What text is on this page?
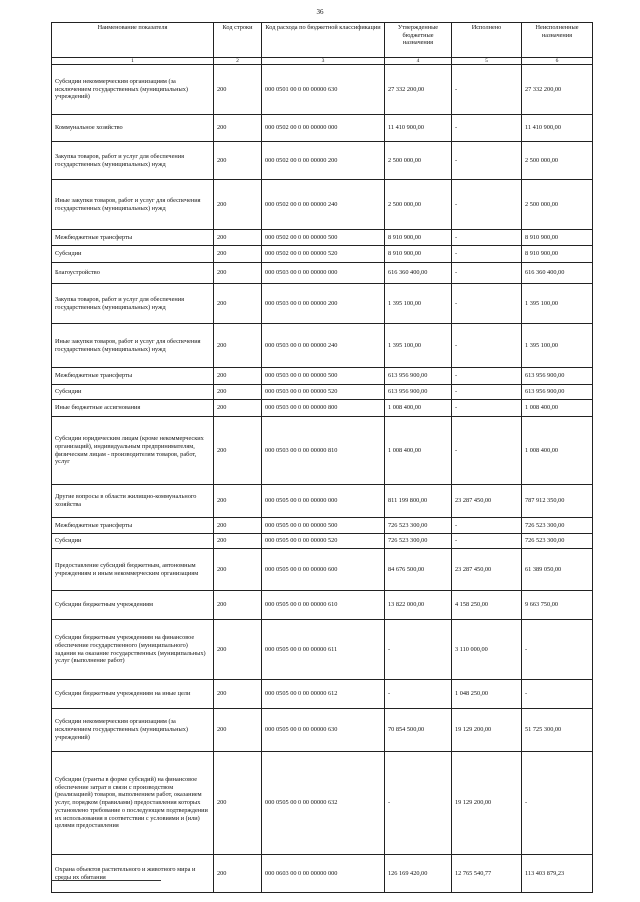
36
Наименование показателя	Код строки	Код расхода по бюджетной классификации	Утвержденные бюджетные назначения	Исполнено	Неисполненные назначения
1	2	3	4	5	6
Субсидии некоммерческим организациям (за исключением государственных (муниципальных) учреждений)	200	000 0501 00 0 00 00000 630	27 332 200,00	-	27 332 200,00
Коммунальное хозяйство	200	000 0502 00 0 00 00000 000	11 410 900,00	-	11 410 900,00
Закупка товаров, работ и услуг для обеспечения государственных (муниципальных) нужд	200	000 0502 00 0 00 00000 200	2 500 000,00	-	2 500 000,00
Иные закупки товаров, работ и услуг для обеспечения государственных (муниципальных) нужд	200	000 0502 00 0 00 00000 240	2 500 000,00	-	2 500 000,00
Межбюджетные трансферты	200	000 0502 00 0 00 00000 500	8 910 900,00	-	8 910 900,00
Субсидии	200	000 0502 00 0 00 00000 520	8 910 900,00	-	8 910 900,00
Благоустройство	200	000 0503 00 0 00 00000 000	616 360 400,00	-	616 360 400,00
Закупка товаров, работ и услуг для обеспечения государственных (муниципальных) нужд	200	000 0503 00 0 00 00000 200	1 395 100,00	-	1 395 100,00
Иные закупки товаров, работ и услуг для обеспечения государственных (муниципальных) нужд	200	000 0503 00 0 00 00000 240	1 395 100,00	-	1 395 100,00
Межбюджетные трансферты	200	000 0503 00 0 00 00000 500	613 956 900,00	-	613 956 900,00
Субсидии	200	000 0503 00 0 00 00000 520	613 956 900,00	-	613 956 900,00
Иные бюджетные ассигнования	200	000 0503 00 0 00 00000 800	1 008 400,00	-	1 008 400,00
Субсидии юридическим лицам (кроме некоммерческих организаций), индивидуальным предпринимателям, физическим лицам - производителям товаров, работ, услуг	200	000 0503 00 0 00 00000 810	1 008 400,00	-	1 008 400,00
Другие вопросы в области жилищно-коммунального хозяйства	200	000 0505 00 0 00 00000 000	811 199 800,00	23 287 450,00	787 912 350,00
Межбюджетные трансферты	200	000 0505 00 0 00 00000 500	726 523 300,00	-	726 523 300,00
Субсидии	200	000 0505 00 0 00 00000 520	726 523 300,00	-	726 523 300,00
Предоставление субсидий бюджетным, автономным учреждениям и иным некоммерческим организациям	200	000 0505 00 0 00 00000 600	84 676 500,00	23 287 450,00	61 389 050,00
Субсидии бюджетным учреждениям	200	000 0505 00 0 00 00000 610	13 822 000,00	4 158 250,00	9 663 750,00
Субсидии бюджетным учреждениям на финансовое обеспечение государственного (муниципального) задания на оказание государственных (муниципальных) услуг (выполнение работ)	200	000 0505 00 0 00 00000 611	-	3 110 000,00	-
Субсидии бюджетным учреждениям на иные цели	200	000 0505 00 0 00 00000 612	-	1 048 250,00	-
Субсидии некоммерческим организациям (за исключением государственных (муниципальных) учреждений)	200	000 0505 00 0 00 00000 630	70 854 500,00	19 129 200,00	51 725 300,00
Субсидии (гранты в форме субсидий) на финансовое обеспечение затрат в связи с производством (реализацией) товаров, выполнением работ, оказанием услуг, порядком (правилами) предоставления которых установлено требование о последующем подтверждении их использования в соответствии с условиями и (или) целями предоставления	200	000 0505 00 0 00 00000 632	-	19 129 200,00	-
Охрана объектов растительного и животного мира и среды их обитания	200	000 0603 00 0 00 00000 000	126 169 420,00	12 765 540,77	113 403 879,23
